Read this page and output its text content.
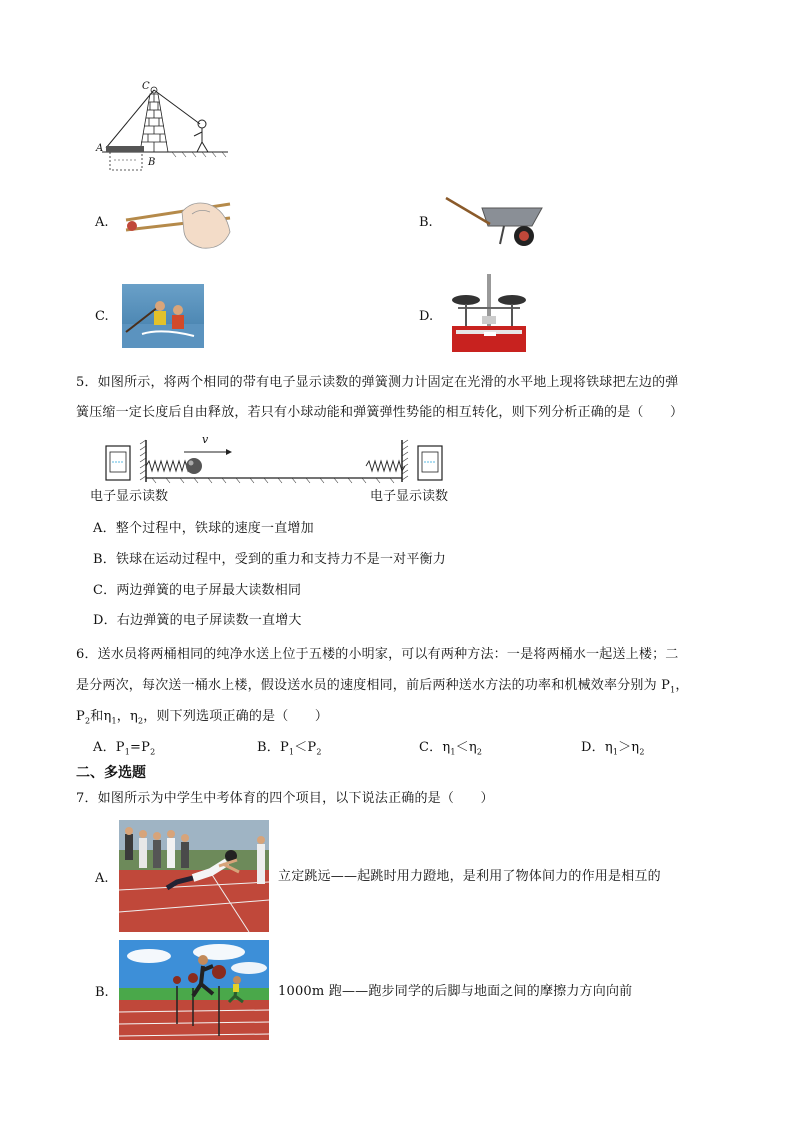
C
A
B
A.	B.
C.	D.
5．如图所示，将两个相同的带有电子显示读数的弹簧测力计固定在光滑的水平地上现将铁球把左边的弹
簧压缩一定长度后自由释放，若只有小球动能和弹簧弹性势能的相互转化，则下列分析正确的是（　　）
v
电子显示读数	电子显示读数
A．整个过程中，铁球的速度一直增加
B．铁球在运动过程中，受到的重力和支持力不是一对平衡力
C．两边弹簧的电子屏最大读数相同
D．右边弹簧的电子屏读数一直增大
6．送水员将两桶相同的纯净水送上位于五楼的小明家，可以有两种方法：一是将两桶水一起送上楼；二
是分两次，每次送一桶水上楼，假设送水员的速度相同，前后两种送水方法的功率和机械效率分别为 $P_1$，
$P_2$和$\eta_1$，$\eta_2$，则下列选项正确的是（　　）
A．$P_1=P_2$	B．$P_1<P_2$	C．$\eta_1<\eta_2$	D．$\eta_1>\eta_2$
二、多选题
7．如图所示为中学生中考体育的四个项目，以下说法正确的是（　　）
A.	立定跳远——起跳时用力蹬地，是利用了物体间力的作用是相互的
B.	1000m 跑——跑步同学的后脚与地面之间的摩擦力方向向前
